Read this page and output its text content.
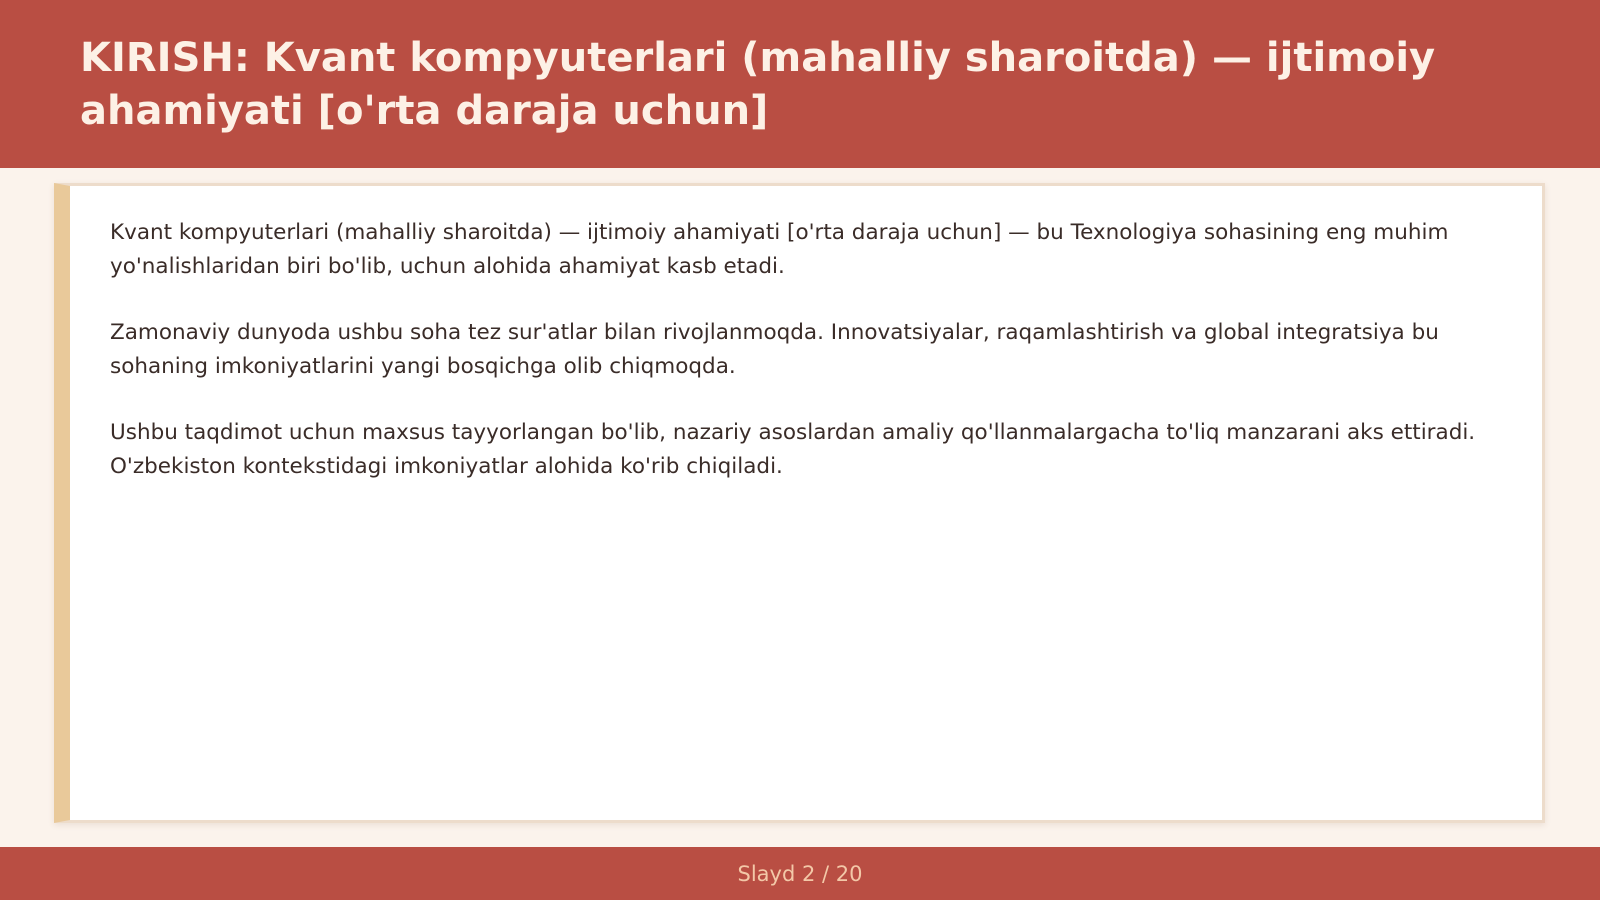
KIRISH: Kvant kompyuterlari (mahalliy sharoitda) — ijtimoiy ahamiyati [o'rta daraja uchun]

Kvant kompyuterlari (mahalliy sharoitda) — ijtimoiy ahamiyati [o'rta daraja uchun] — bu Texnologiya sohasining eng muhim yo'nalishlaridan biri bo'lib, uchun alohida ahamiyat kasb etadi.

Zamonaviy dunyoda ushbu soha tez sur'atlar bilan rivojlanmoqda. Innovatsiyalar, raqamlashtirish va global integratsiya bu sohaning imkoniyatlarini yangi bosqichga olib chiqmoqda.

Ushbu taqdimot uchun maxsus tayyorlangan bo'lib, nazariy asoslardan amaliy qo'llanmalargacha to'liq manzarani aks ettiradi. O'zbekiston kontekstidagi imkoniyatlar alohida ko'rib chiqiladi.

Slayd 2 / 20
